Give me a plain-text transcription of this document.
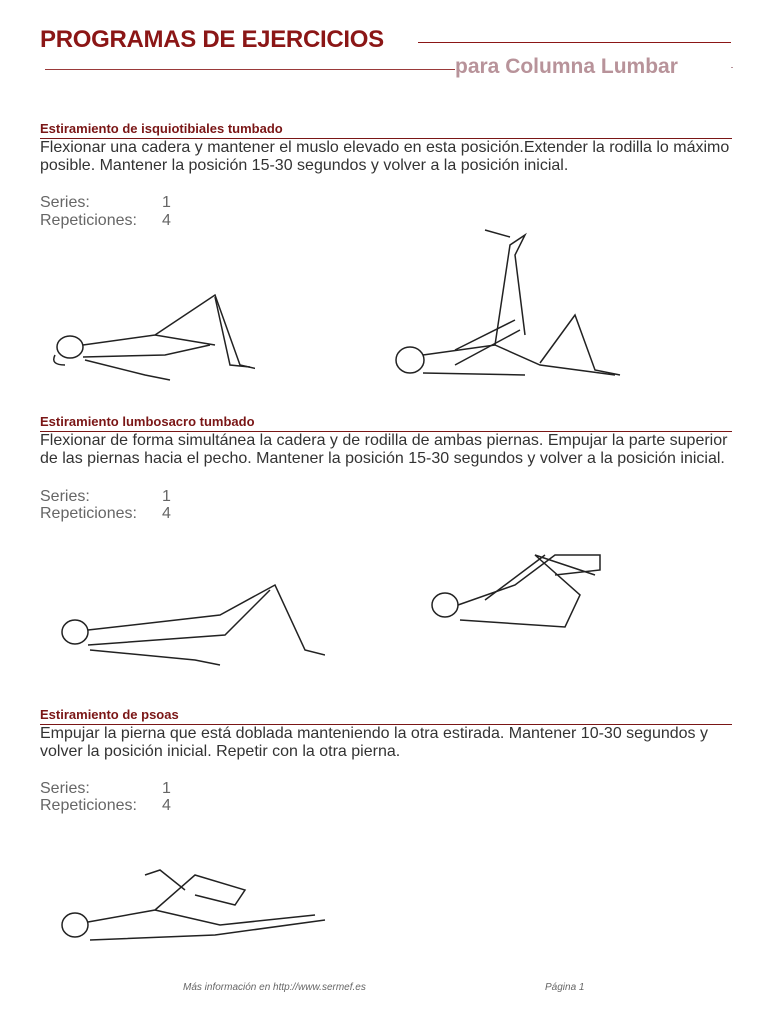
PROGRAMAS DE EJERCICIOS
para Columna Lumbar
Estiramiento de isquiotibiales tumbado
Flexionar una cadera y mantener el muslo elevado en esta posición.Extender la rodilla lo máximo posible. Mantener la posición 15-30 segundos y volver a la posición inicial.
Series:	1
Repeticiones: 4
Estiramiento lumbosacro tumbado
Flexionar de forma simultánea la cadera y de rodilla de ambas piernas. Empujar la parte superior de las piernas hacia el pecho. Mantener la posición 15-30 segundos y volver a la posición inicial.
Series:	1
Repeticiones: 4
Estiramiento de psoas
Empujar la pierna que está doblada manteniendo la otra estirada. Mantener 10-30 segundos y volver la posición inicial. Repetir con la otra pierna.
Series:	1
Repeticiones: 4
Más información en http://www.sermef.es	Página 1
